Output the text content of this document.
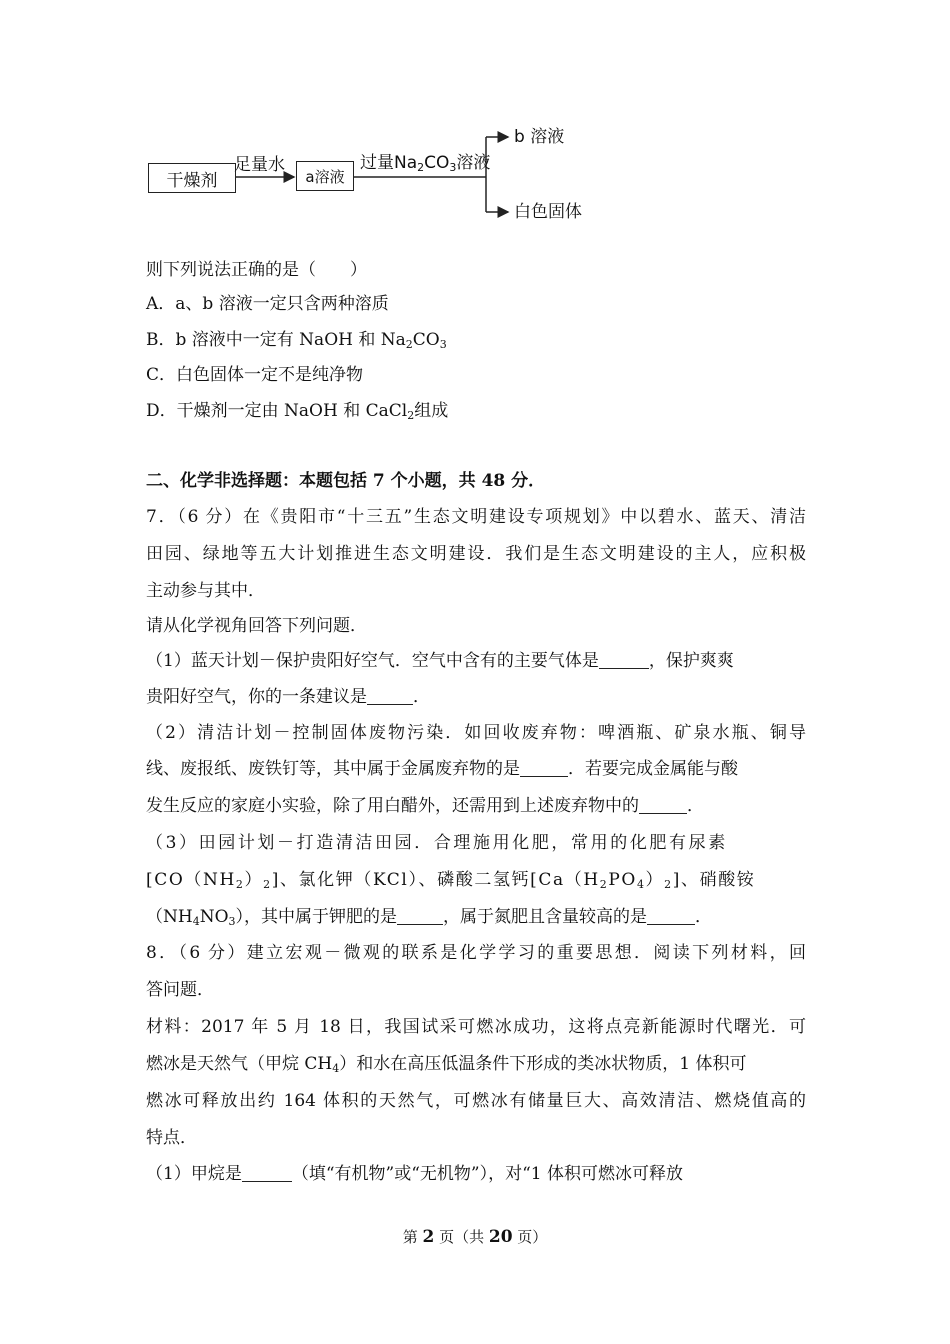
干燥剂
足量水
a溶液
过量$Na_2CO_3$溶液
b 溶液
白色固体
则下列说法正确的是（　　）
A．a、b 溶液一定只含两种溶质
B．b 溶液中一定有 NaOH 和 $Na_2CO_3$
C．白色固体一定不是纯净物
D．干燥剂一定由 NaOH 和 CaCl$_2$组成
二、化学非选择题：本题包括 7 个小题，共 48 分．
7．（6 分）在《贵阳市“十三五”生态文明建设专项规划》中以碧水、蓝天、清洁
田园、绿地等五大计划推进生态文明建设．我们是生态文明建设的主人，应积极
主动参与其中．
请从化学视角回答下列问题．
（1）蓝天计划－保护贵阳好空气．空气中含有的主要气体是	，保护爽爽
贵阳好空气，你的一条建议是	．
（2）清洁计划－控制固体废物污染．如回收废弃物：啤酒瓶、矿泉水瓶、铜导
线、废报纸、废铁钉等，其中属于金属废弃物的是	．若要完成金属能与酸
发生反应的家庭小实验，除了用白醋外，还需用到上述废弃物中的	．
（3）田园计划－打造清洁田园．合理施用化肥，常用的化肥有尿素
$[CO(NH_2)_2]$、氯化钾（KCl）、磷酸二氢钙$[Ca(H_2PO_4)_2]$、硝酸铵
$(NH_4NO_3)$，其中属于钾肥的是	，属于氮肥且含量较高的是	．
8．（6 分）建立宏观－微观的联系是化学学习的重要思想．阅读下列材料，回
答问题．
材料：2017 年 5 月 18 日，我国试采可燃冰成功，这将点亮新能源时代曙光．可
燃冰是天然气（甲烷 $CH_4$）和水在高压低温条件下形成的类冰状物质，1 体积可
燃冰可释放出约 164 体积的天然气，可燃冰有储量巨大、高效清洁、燃烧值高的
特点．
（1）甲烷是	（填“有机物”或“无机物”），对“1 体积可燃冰可释放
第 2 页（共 20 页）
